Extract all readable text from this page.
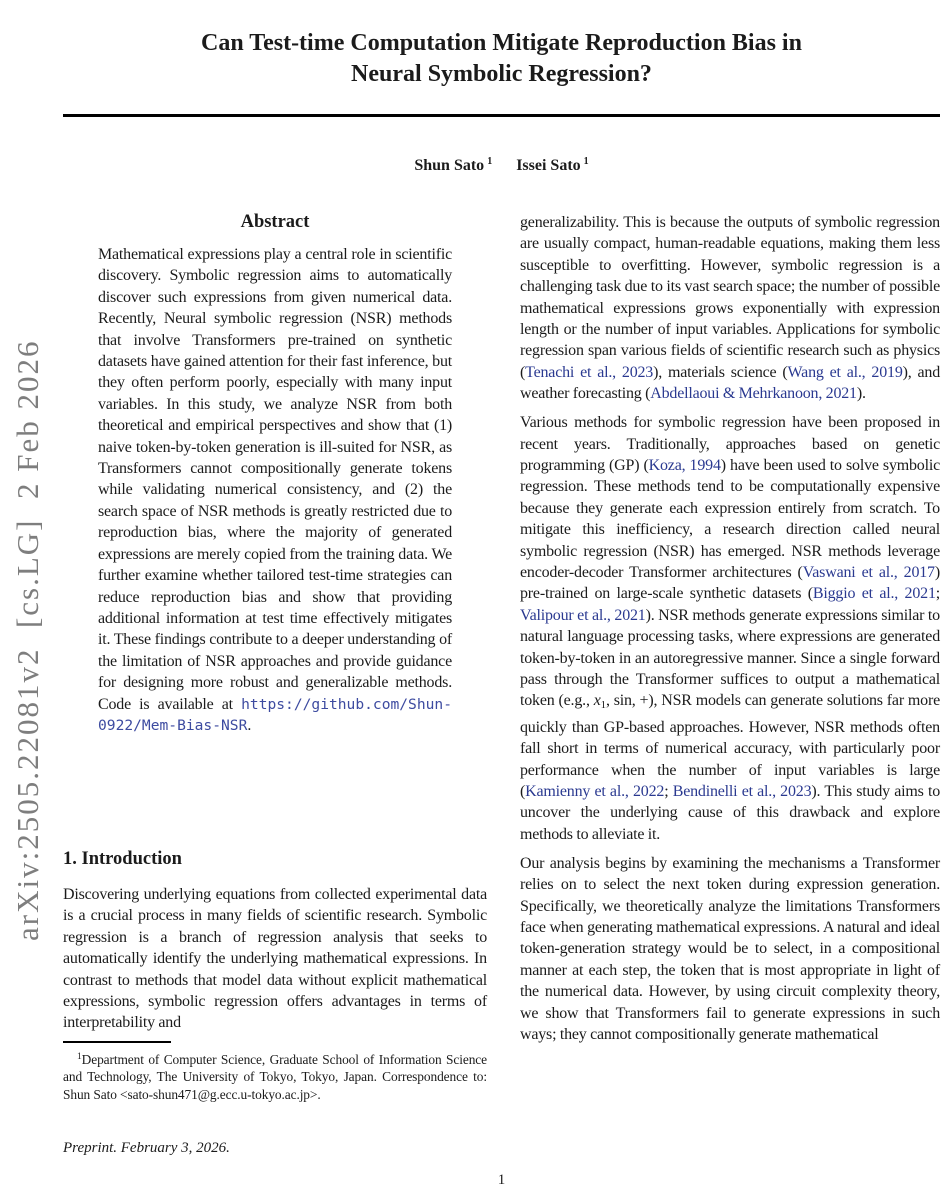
arXiv:2505.22081v2  [cs.LG]  2 Feb 2026
Can Test-time Computation Mitigate Reproduction Bias in
Neural Symbolic Regression?
Shun Sato $^1$ Issei Sato $^1$
Abstract

Mathematical expressions play a central role in scientific discovery. Symbolic regression aims to automatically discover such expressions from given numerical data. Recently, Neural symbolic regression (NSR) methods that involve Transformers pre-trained on synthetic datasets have gained attention for their fast inference, but they often perform poorly, especially with many input variables. In this study, we analyze NSR from both theoretical and empirical perspectives and show that (1) naive token-by-token generation is ill-suited for NSR, as Transformers cannot compositionally generate tokens while validating numerical consistency, and (2) the search space of NSR methods is greatly restricted due to reproduction bias, where the majority of generated expressions are merely copied from the training data. We further examine whether tailored test-time strategies can reduce reproduction bias and show that providing additional information at test time effectively mitigates it. These findings contribute to a deeper understanding of the limitation of NSR approaches and provide guidance for designing more robust and generalizable methods. Code is available at https://github.com/Shun-0922/Mem-Bias-NSR.

1. Introduction

Discovering underlying equations from collected experimental data is a crucial process in many fields of scientific research. Symbolic regression is a branch of regression analysis that seeks to automatically identify the underlying mathematical expressions. In contrast to methods that model data without explicit mathematical expressions, symbolic regression offers advantages in terms of interpretability and

generalizability. This is because the outputs of symbolic regression are usually compact, human-readable equations, making them less susceptible to overfitting. However, symbolic regression is a challenging task due to its vast search space; the number of possible mathematical expressions grows exponentially with expression length or the number of input variables. Applications for symbolic regression span various fields of scientific research such as physics (Tenachi et al., 2023), materials science (Wang et al., 2019), and weather forecasting (Abdellaoui & Mehrkanoon, 2021).

Various methods for symbolic regression have been proposed in recent years. Traditionally, approaches based on genetic programming (GP) (Koza, 1994) have been used to solve symbolic regression. These methods tend to be computationally expensive because they generate each expression entirely from scratch. To mitigate this inefficiency, a research direction called neural symbolic regression (NSR) has emerged. NSR methods leverage encoder-decoder Transformer architectures (Vaswani et al., 2017) pre-trained on large-scale synthetic datasets (Biggio et al., 2021; Valipour et al., 2021). NSR methods generate expressions similar to natural language processing tasks, where expressions are generated token-by-token in an autoregressive manner. Since a single forward pass through the Transformer suffices to output a mathematical token (e.g., x1, sin, +), NSR models can generate solutions far more quickly than GP-based approaches. However, NSR methods often fall short in terms of numerical accuracy, with particularly poor performance when the number of input variables is large (Kamienny et al., 2022; Bendinelli et al., 2023). This study aims to uncover the underlying cause of this drawback and explore methods to alleviate it.

Our analysis begins by examining the mechanisms a Transformer relies on to select the next token during expression generation. Specifically, we theoretically analyze the limitations Transformers face when generating mathematical expressions. A natural and ideal token-generation strategy would be to select, in a compositional manner at each step, the token that is most appropriate in light of the numerical data. However, by using circuit complexity theory, we show that Transformers fail to generate expressions in such ways; they cannot compositionally generate mathematical

$^1$Department of Computer Science, Graduate School of Information Science and Technology, The University of Tokyo, Tokyo, Japan. Correspondence to: Shun Sato <sato-shun471@g.ecc.u-tokyo.ac.jp>.
Preprint. February 3, 2026.
1
